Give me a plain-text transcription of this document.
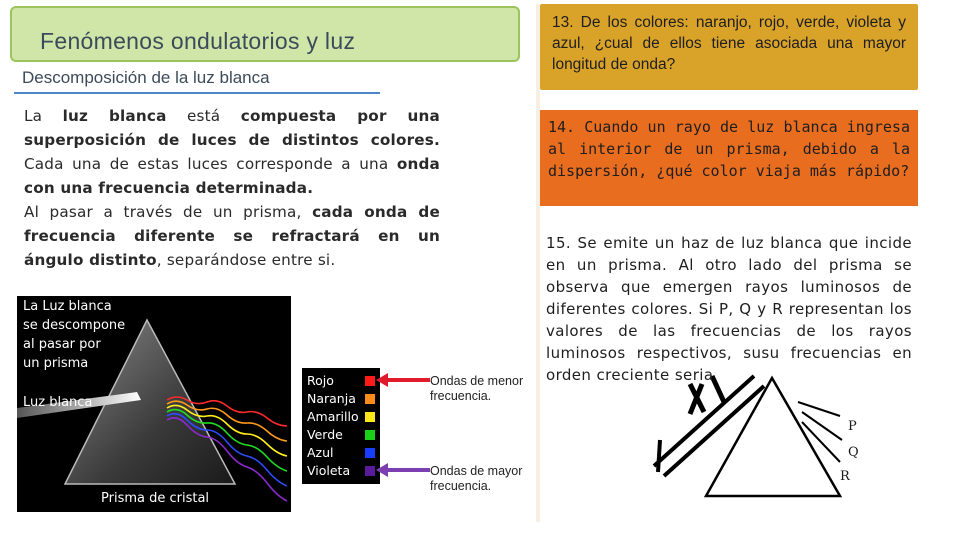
Fenómenos ondulatorios y luz
Descomposición de la luz blanca
La luz blanca está compuesta por una superposición de luces de distintos colores. Cada una de estas luces corresponde a una onda con una frecuencia determinada.
Al pasar a través de un prisma, cada onda de frecuencia diferente se refractará en un ángulo distinto, separándose entre si.
La Luz blanca
se descompone
al pasar por
un prisma
Luz blanca
Prisma de cristal
Rojo
Naranja
Amarillo
Verde
Azul
Violeta
Ondas de menor frecuencia.
Ondas de mayor frecuencia.

13. De los colores: naranjo, rojo, verde, violeta y azul, ¿cual de ellos tiene asociada una mayor longitud de onda?

14. Cuando un rayo de luz blanca ingresa al interior de un prisma, debido a la dispersión, ¿qué color viaja más rápido?

P
Q
R

15. Se emite un haz de luz blanca que incide en un prisma. Al otro lado del prisma se observa que emergen rayos luminosos de diferentes colores. Si P, Q y R representan los valores de las frecuencias de los rayos luminosos respectivos, susu frecuencias en orden creciente seria
